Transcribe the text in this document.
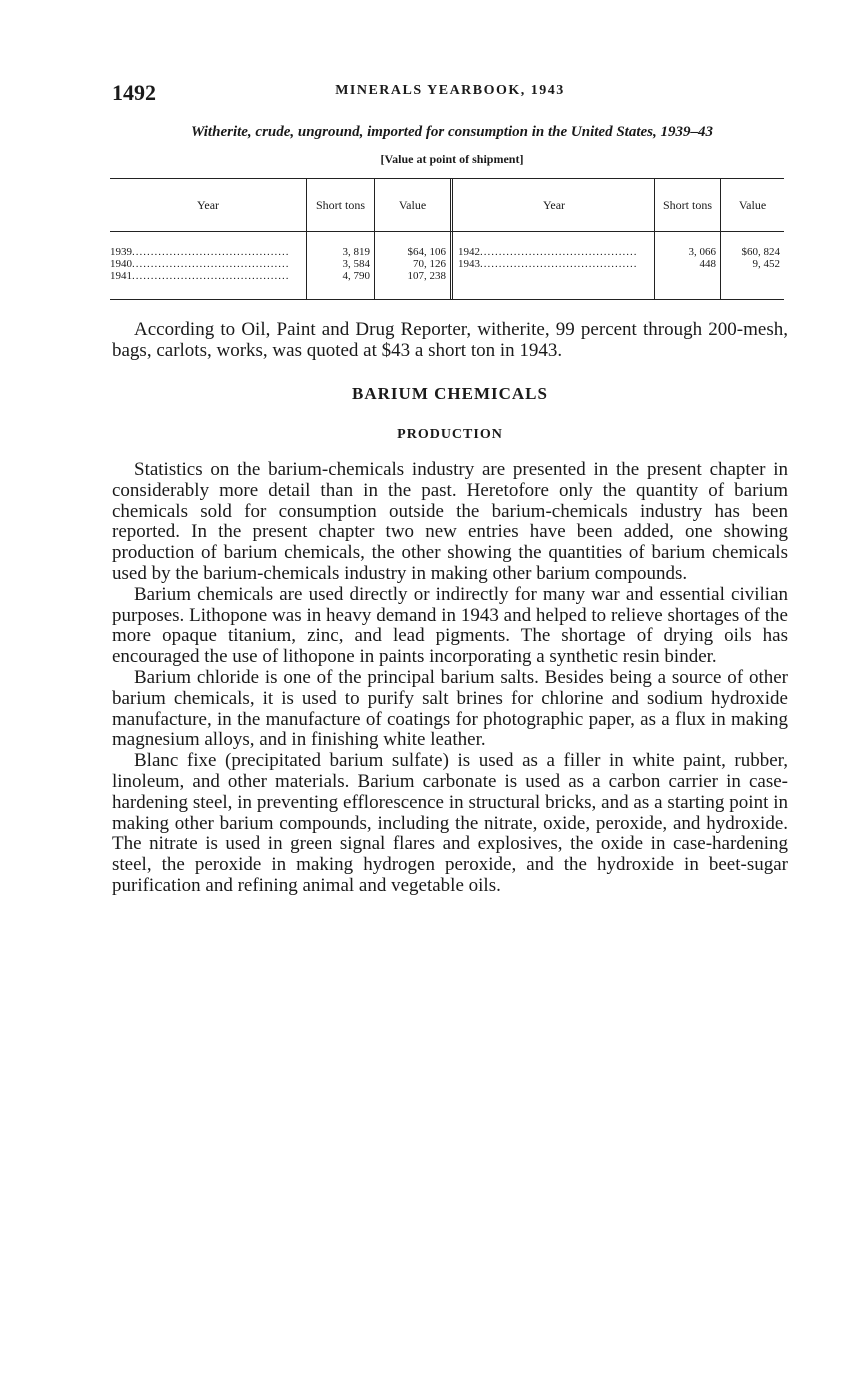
1492	MINERALS YEARBOOK, 1943
Witherite, crude, unground, imported for consumption in the United States, 1939–43
[Value at point of shipment]
Year	Short tons	Value	Year	Short tons	Value
1939..........................................	3, 819	$64, 106
1940..........................................	3, 584	70, 126
1941..........................................	4, 790	107, 238
1942..........................................	3, 066	$60, 824
1943..........................................	448	9, 452

According to Oil, Paint and Drug Reporter, witherite, 99 percent through 200-mesh, bags, carlots, works, was quoted at $43 a short ton in 1943.

BARIUM CHEMICALS
PRODUCTION

Statistics on the barium-chemicals industry are presented in the present chapter in considerably more detail than in the past. Heretofore only the quantity of barium chemicals sold for consumption outside the barium-chemicals industry has been reported. In the present chapter two new entries have been added, one showing production of barium chemicals, the other showing the quantities of barium chemicals used by the barium-chemicals industry in making other barium compounds.

Barium chemicals are used directly or indirectly for many war and essential civilian purposes. Lithopone was in heavy demand in 1943 and helped to relieve shortages of the more opaque titanium, zinc, and lead pigments. The shortage of drying oils has encouraged the use of lithopone in paints incorporating a synthetic resin binder.

Barium chloride is one of the principal barium salts. Besides being a source of other barium chemicals, it is used to purify salt brines for chlorine and sodium hydroxide manufacture, in the manufacture of coatings for photographic paper, as a flux in making magnesium alloys, and in finishing white leather.

Blanc fixe (precipitated barium sulfate) is used as a filler in white paint, rubber, linoleum, and other materials. Barium carbonate is used as a carbon carrier in case-hardening steel, in preventing efflorescence in structural bricks, and as a starting point in making other barium compounds, including the nitrate, oxide, peroxide, and hydroxide. The nitrate is used in green signal flares and explosives, the oxide in case-hardening steel, the peroxide in making hydrogen peroxide, and the hydroxide in beet-sugar purification and refining animal and vegetable oils.
